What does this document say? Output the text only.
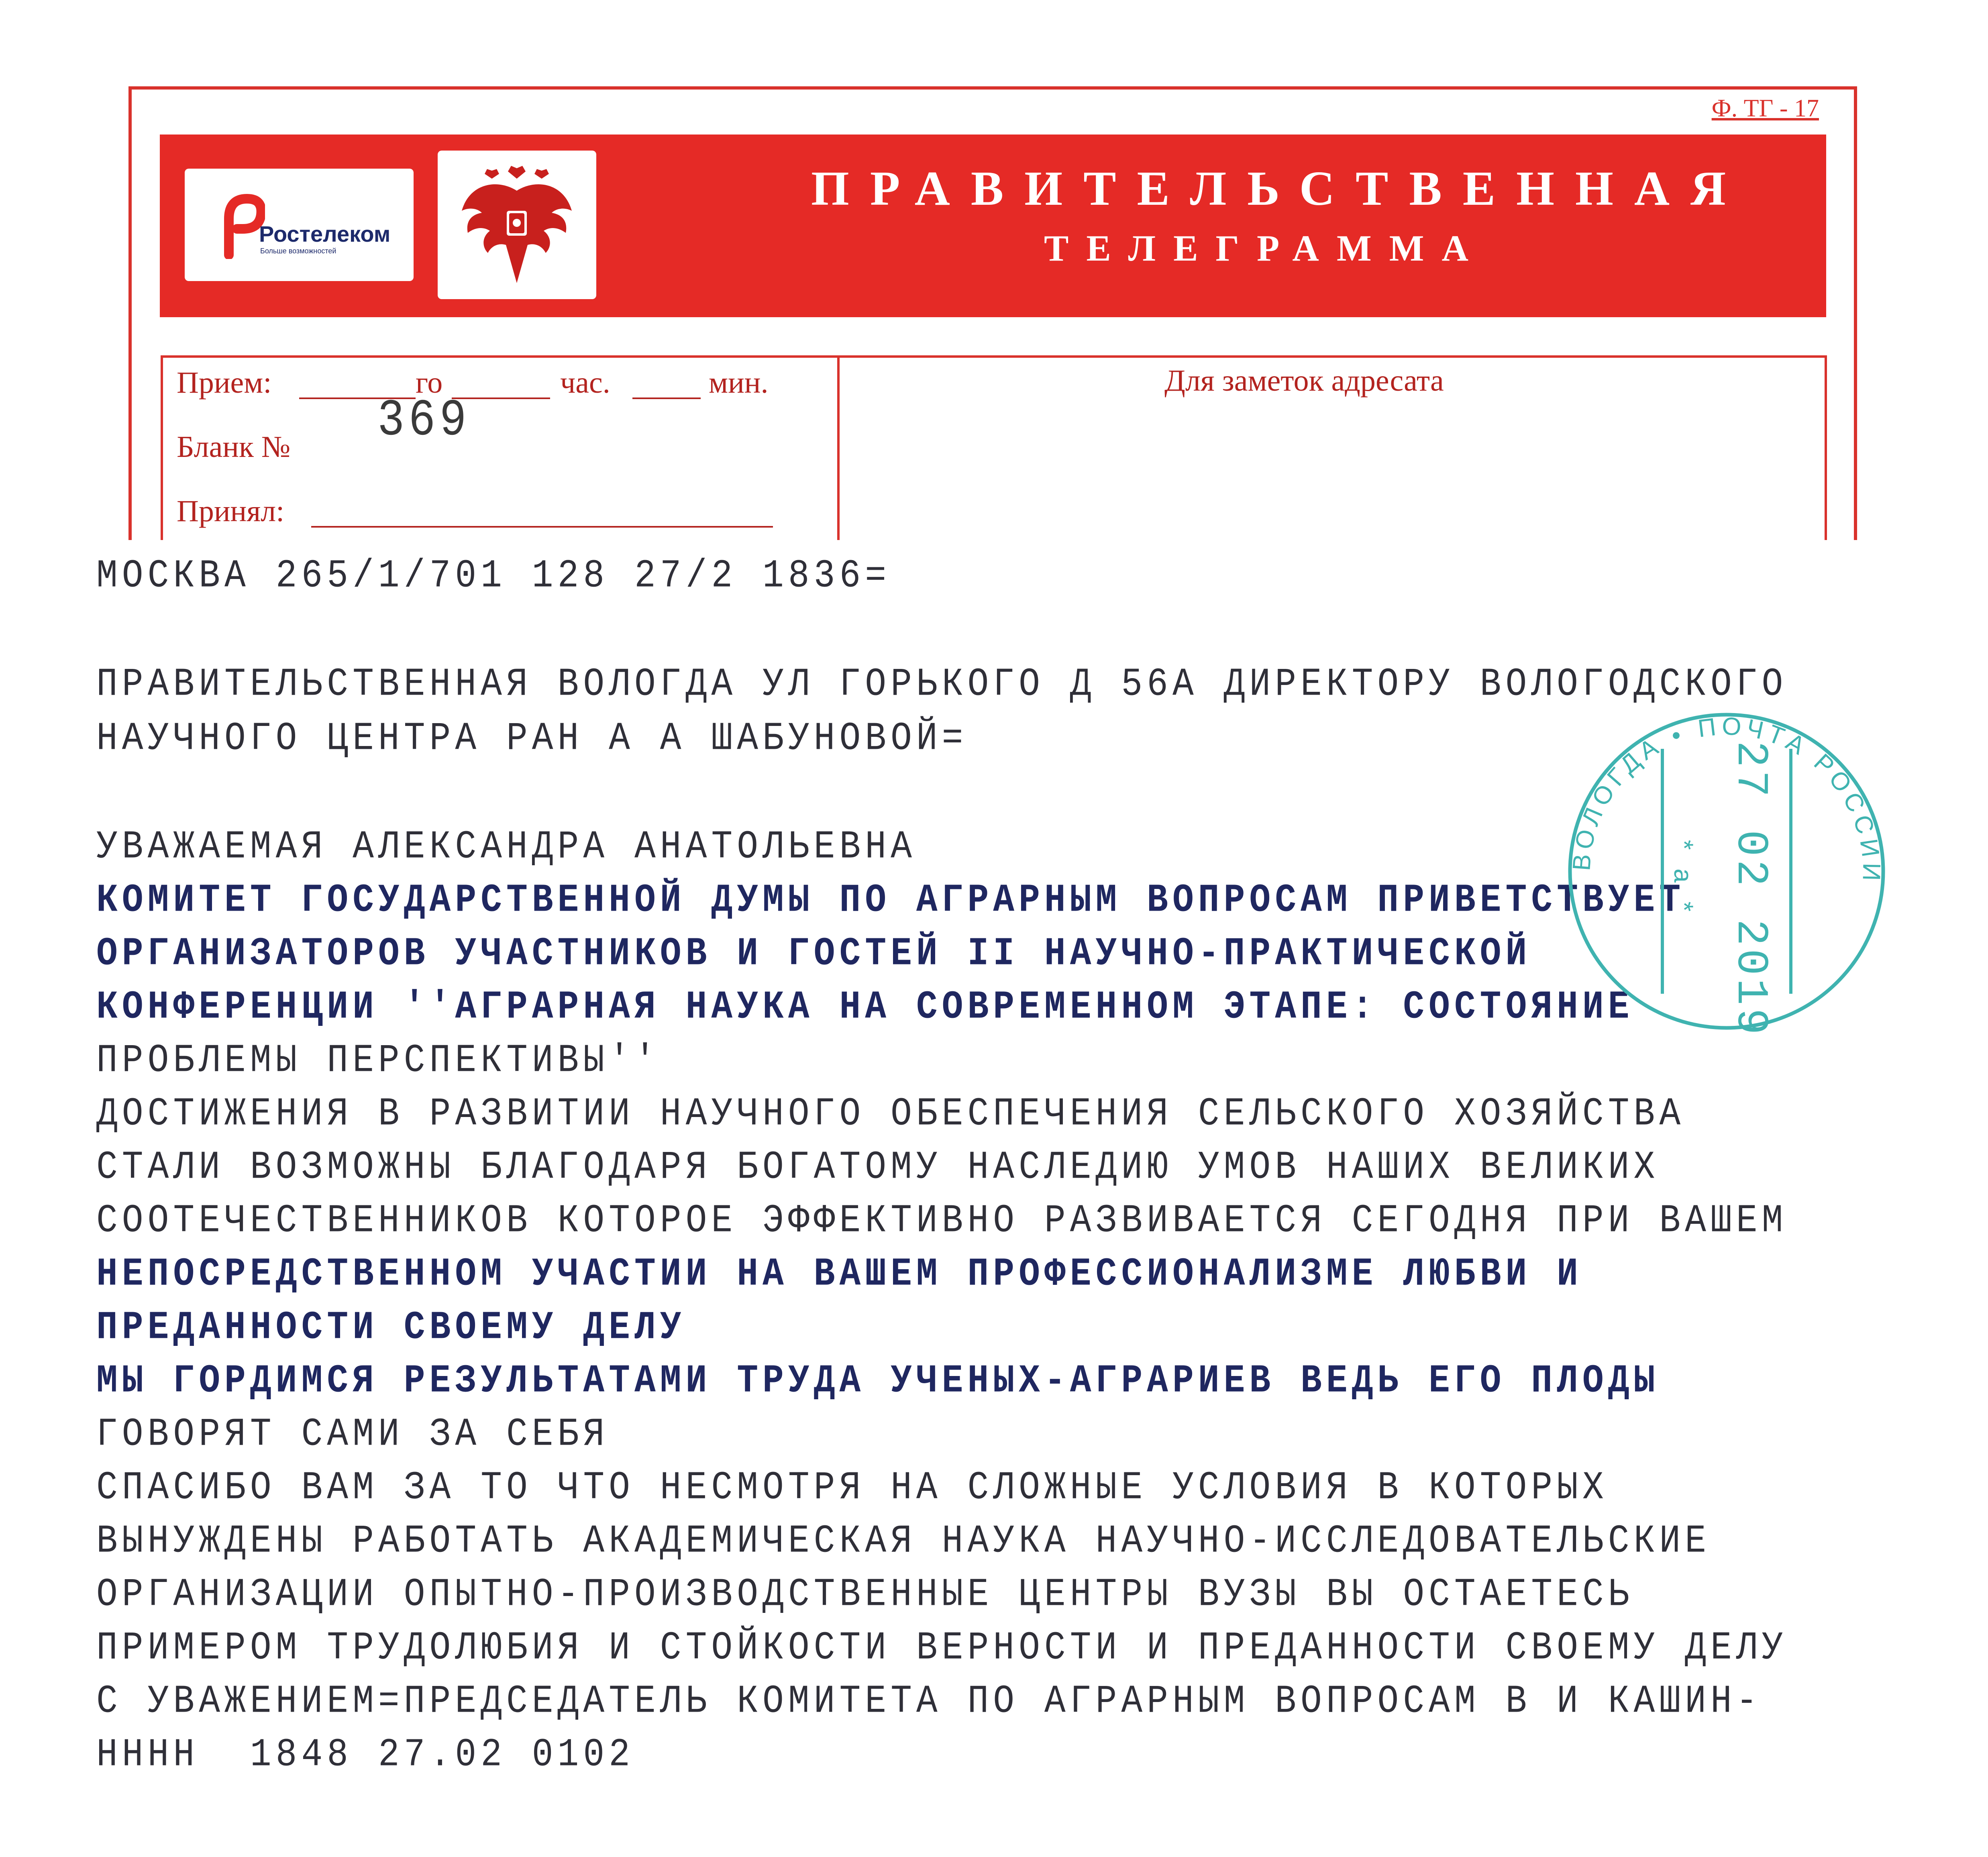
Ф. ТГ - 17
Ростелеком
Больше возможностей
ПРАВИТЕЛЬСТВЕННАЯ
ТЕЛЕГРАММА
Прием:	го	час.	мин.
Бланк № 369
Принял:
Для заметок адресата
МОСКВА 265/1/701 128 27/2 1836=
ПРАВИТЕЛЬСТВЕННАЯ ВОЛОГДА УЛ ГОРЬКОГО Д 56А ДИРЕКТОРУ ВОЛОГОДСКОГО
НАУЧНОГО ЦЕНТРА РАН А А ШАБУНОВОЙ=
УВАЖАЕМАЯ АЛЕКСАНДРА АНАТОЛЬЕВНА
КОМИТЕТ ГОСУДАРСТВЕННОЙ ДУМЫ ПО АГРАРНЫМ ВОПРОСАМ ПРИВЕТСТВУЕТ
ОРГАНИЗАТОРОВ УЧАСТНИКОВ И ГОСТЕЙ II НАУЧНО-ПРАКТИЧЕСКОЙ
КОНФЕРЕНЦИИ ''АГРАРНАЯ НАУКА НА СОВРЕМЕННОМ ЭТАПЕ: СОСТОЯНИЕ
ПРОБЛЕМЫ ПЕРСПЕКТИВЫ''
ДОСТИЖЕНИЯ В РАЗВИТИИ НАУЧНОГО ОБЕСПЕЧЕНИЯ СЕЛЬСКОГО ХОЗЯЙСТВА
СТАЛИ ВОЗМОЖНЫ БЛАГОДАРЯ БОГАТОМУ НАСЛЕДИЮ УМОВ НАШИХ ВЕЛИКИХ
СООТЕЧЕСТВЕННИКОВ КОТОРОЕ ЭФФЕКТИВНО РАЗВИВАЕТСЯ СЕГОДНЯ ПРИ ВАШЕМ
НЕПОСРЕДСТВЕННОМ УЧАСТИИ НА ВАШЕМ ПРОФЕССИОНАЛИЗМЕ ЛЮБВИ И
ПРЕДАННОСТИ СВОЕМУ ДЕЛУ
МЫ ГОРДИМСЯ РЕЗУЛЬТАТАМИ ТРУДА УЧЕНЫХ-АГРАРИЕВ ВЕДЬ ЕГО ПЛОДЫ
ГОВОРЯТ САМИ ЗА СЕБЯ
СПАСИБО ВАМ ЗА ТО ЧТО НЕСМОТРЯ НА СЛОЖНЫЕ УСЛОВИЯ В КОТОРЫХ
ВЫНУЖДЕНЫ РАБОТАТЬ АКАДЕМИЧЕСКАЯ НАУКА НАУЧНО-ИССЛЕДОВАТЕЛЬСКИЕ
ОРГАНИЗАЦИИ ОПЫТНО-ПРОИЗВОДСТВЕННЫЕ ЦЕНТРЫ ВУЗЫ ВЫ ОСТАЕТЕСЬ
ПРИМЕРОМ ТРУДОЛЮБИЯ И СТОЙКОСТИ ВЕРНОСТИ И ПРЕДАННОСТИ СВОЕМУ ДЕЛУ
С УВАЖЕНИЕМ=ПРЕДСЕДАТЕЛЬ КОМИТЕТА ПО АГРАРНЫМ ВОПРОСАМ В И КАШИН-
НННН  1848 27.02 0102
ВОЛОГДА • ПОЧТА РОССИИ
27 02 2019
* а *
